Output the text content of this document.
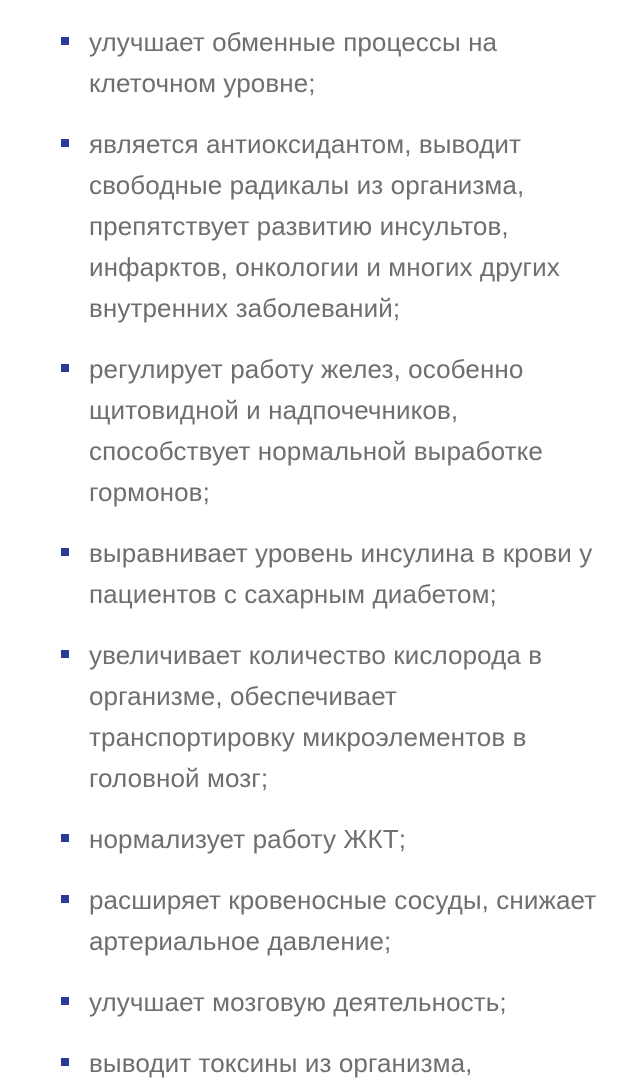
улучшает обменные процессы на клеточном уровне;
является антиоксидантом, выводит свободные радикалы из организма, препятствует развитию инсультов, инфарктов, онкологии и многих других внутренних заболеваний;
регулирует работу желез, особенно щитовидной и надпочечников, способствует нормальной выработке гормонов;
выравнивает уровень инсулина в крови у пациентов с сахарным диабетом;
увеличивает количество кислорода в организме, обеспечивает транспортировку микроэлементов в головной мозг;
нормализует работу ЖКТ;
расширяет кровеносные сосуды, снижает артериальное давление;
улучшает мозговую деятельность;
выводит токсины из организма,
